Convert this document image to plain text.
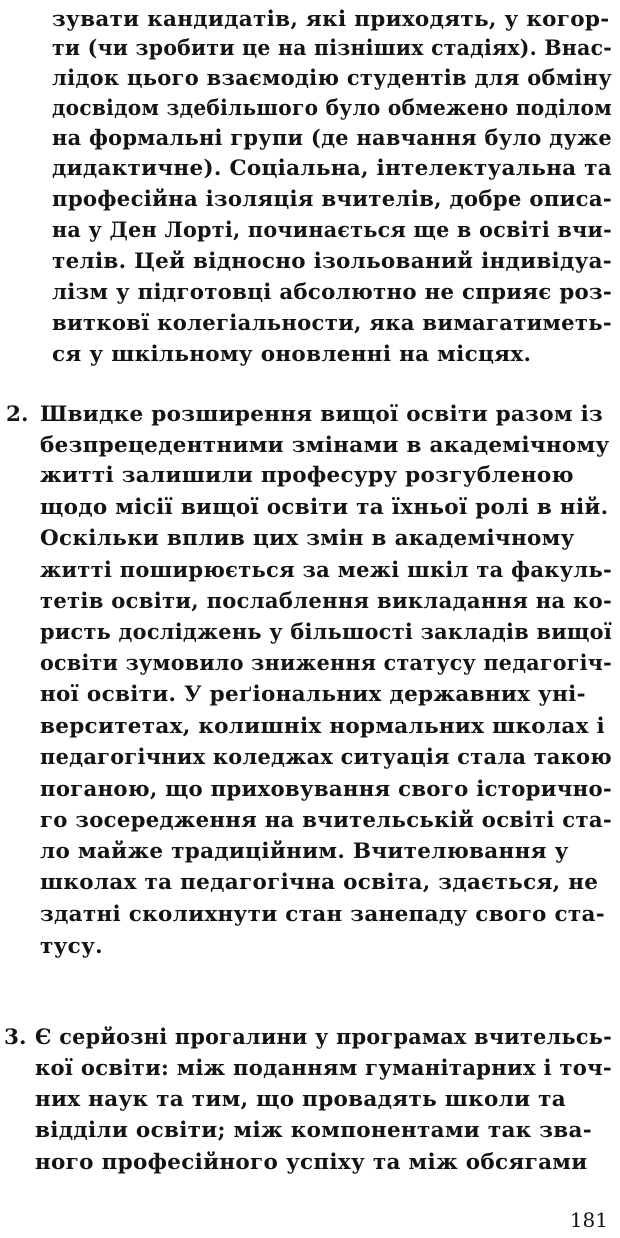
зувати кандидатів, які приходять, у когор-
ти (чи зробити це на пізніших стадіях). Внас-
лідок цього взаємодію студентів для обміну
досвідом здебільшого було обмежено поділом
на формальні групи (де навчання було дуже
дидактичне). Соціальна, інтелектуальна та
професійна ізоляція вчителів, добре описа-
на у Ден Лорті, починається ще в освіті вчи-
телів. Цей відносно ізольований індивідуа-
лізм у підготовці абсолютно не сприяє роз-
витковї колегіальности, яка вимагатиметь-
ся у шкільному оновленні на місцях.
2. Швидке розширення вищої освіти разом із
безпрецедентними змінами в академічному
житті залишили професуру розгубленою
щодо місії вищої освіти та їхньої ролі в ній.
Оскільки вплив цих змін в академічному
житті поширюється за межі шкіл та факуль-
тетів освіти, послаблення викладання на ко-
ристь досліджень у більшості закладів вищої
освіти зумовило зниження статусу педагогіч-
ної освіти. У реґіональних державних уні-
верситетах, колишніх нормальних школах і
педагогічних коледжах ситуація стала такою
поганою, що приховування свого історично-
го зосередження на вчительській освіті ста-
ло майже традиційним. Вчителювання у
школах та педагогічна освіта, здається, не
здатні сколихнути стан занепаду свого ста-
тусу.
3. Є серйозні прогалини у програмах вчительсь-
кої освіти: між поданням гуманітарних і точ-
них наук та тим, що провадять школи та
відділи освіти; між компонентами так зва-
ного професійного успіху та між обсягами
181
